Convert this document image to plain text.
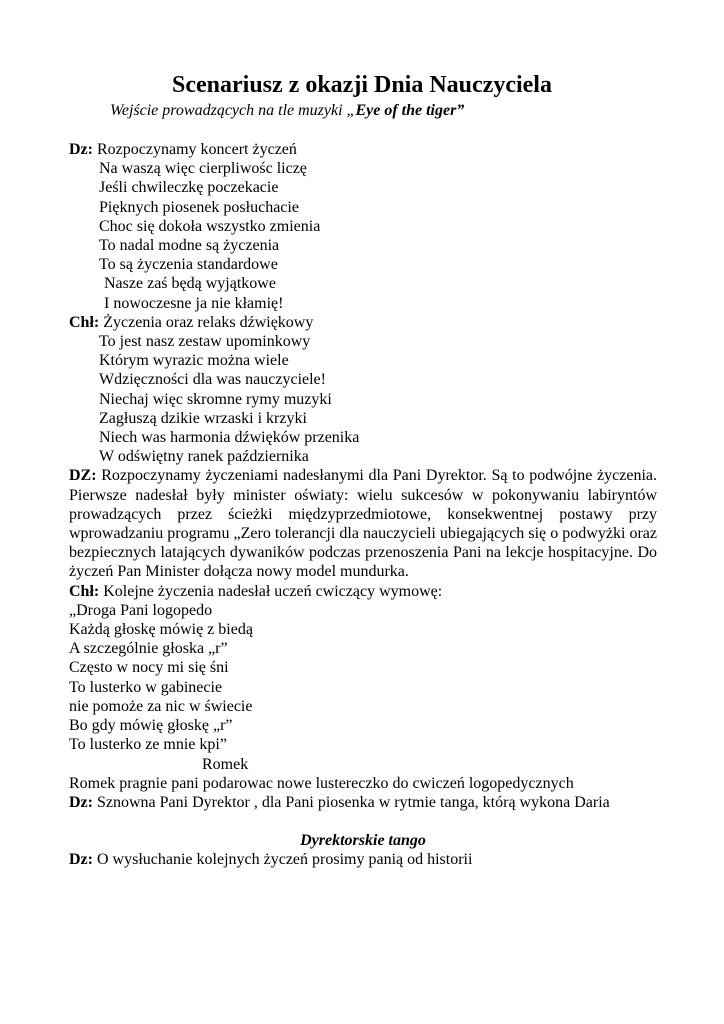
Scenariusz z okazji Dnia Nauczyciela
Wejście prowadzących na tle muzyki „Eye of the tiger”
Dz: Rozpoczynamy koncert życzeń
Na waszą więc cierpliwośc liczę
Jeśli chwileczkę poczekacie
Pięknych piosenek posłuchacie
Choc się dokoła wszystko zmienia
To nadal modne są życzenia
To są życzenia standardowe
Nasze zaś będą wyjątkowe
I nowoczesne ja nie kłamię!
Chł: Życzenia oraz relaks dźwiękowy
To jest nasz zestaw upominkowy
Którym wyrazic można wiele
Wdzięczności dla was nauczyciele!
Niechaj więc skromne rymy muzyki
Zagłuszą dzikie wrzaski i krzyki
Niech was harmonia dźwięków przenika
W odświętny ranek października
DZ: Rozpoczynamy życzeniami nadesłanymi dla Pani Dyrektor. Są to podwójne życzenia. Pierwsze nadesłał były minister oświaty: wielu sukcesów w pokonywaniu labiryntów prowadzących przez ścieżki międzyprzedmiotowe, konsekwentnej postawy przy wprowadzaniu programu „Zero tolerancji dla nauczycieli ubiegających się o podwyżki oraz bezpiecznych latających dywaników podczas przenoszenia Pani na lekcje hospitacyjne. Do życzeń Pan Minister dołącza nowy model mundurka.
Chł: Kolejne życzenia nadesłał uczeń cwiczący wymowę:
„Droga Pani logopedo
Każdą głoskę mówię z biedą
A szczególnie głoska „r”
Często w nocy mi się śni
To lusterko w gabinecie
nie pomoże za nic w świecie
Bo gdy mówię głoskę „r”
To lusterko ze mnie kpi”
Romek
Romek pragnie pani podarowac nowe lustereczko do cwiczeń logopedycznych
Dz: Sznowna Pani Dyrektor , dla Pani piosenka w rytmie tanga, którą wykona Daria
Dyrektorskie tango
Dz: O wysłuchanie kolejnych życzeń prosimy panią od historii
